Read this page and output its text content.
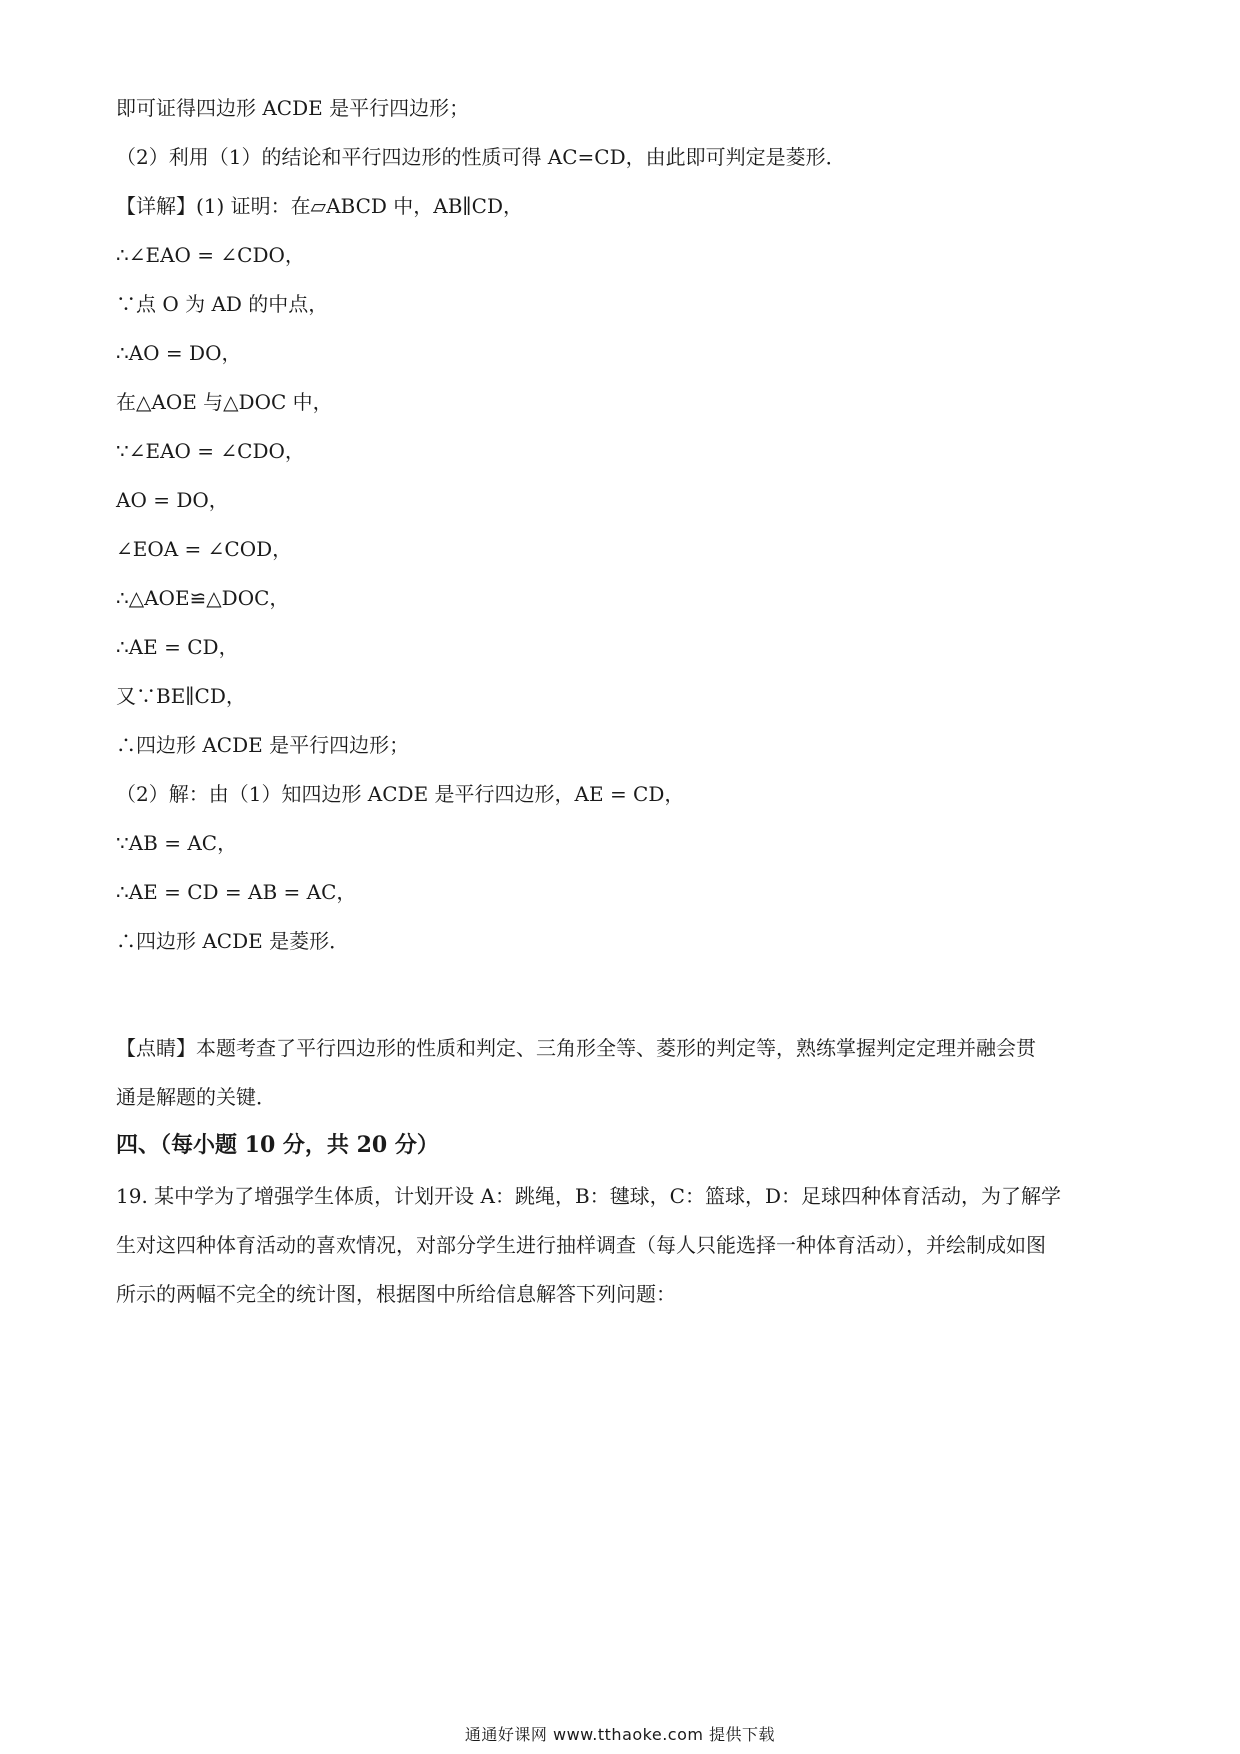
即可证得四边形 ACDE 是平行四边形；
（2）利用（1）的结论和平行四边形的性质可得 AC=CD，由此即可判定是菱形．
【详解】(1) 证明：在▱ABCD 中，AB∥CD，
∴∠EAO = ∠CDO，
∵点 O 为 AD 的中点，
∴AO = DO，
在△AOE 与△DOC 中，
∵∠EAO = ∠CDO，
AO = DO，
∠EOA = ∠COD，
∴△AOE≌△DOC，
∴AE = CD，
又∵BE∥CD，
∴四边形 ACDE 是平行四边形；
（2）解：由（1）知四边形 ACDE 是平行四边形，AE = CD，
∵AB = AC，
∴AE = CD = AB = AC，
∴四边形 ACDE 是菱形．
【点睛】本题考查了平行四边形的性质和判定、三角形全等、菱形的判定等，熟练掌握判定定理并融会贯
通是解题的关键．
四、（每小题 10 分，共 20 分）
19. 某中学为了增强学生体质，计划开设 A：跳绳，B：毽球，C：篮球，D：足球四种体育活动，为了解学
生对这四种体育活动的喜欢情况，对部分学生进行抽样调查（每人只能选择一种体育活动），并绘制成如图
所示的两幅不完全的统计图，根据图中所给信息解答下列问题：
通通好课网 www.tthaoke.com 提供下载
